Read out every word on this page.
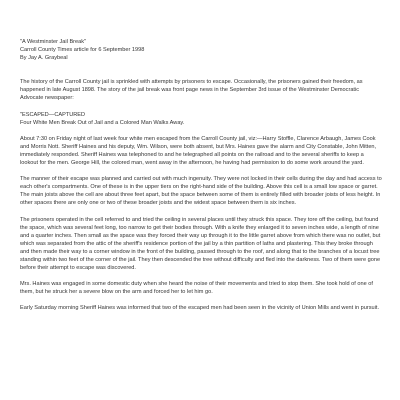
"A Westminster Jail Break"

Carroll County Times article for 6 September 1998

By Jay A. Graybeal

The history of the Carroll County jail is sprinkled with attempts by prisoners to escape. Occasionally, the prisoners gained their freedom, as happened in late August 1898. The story of the jail break was front page news in the September 3rd issue of the Westminster Democratic Advocate newspaper:

"ESCAPED—CAPTURED

Four White Men Break Out of Jail and a Colored Man Walks Away.

About 7:30 on Friday night of last week four white men escaped from the Carroll County jail, viz:—Harry Stoffle, Clarence Arbaugh, James Cook and Morris Nott. Sheriff Haines and his deputy, Wm. Wilson, were both absent, but Mrs. Haines gave the alarm and City Constable, John Mitten, immediately responded. Sheriff Haines was telephoned to and he telegraphed all points on the railroad and to the several sheriffs to keep a lookout for the men. George Hill, the colored man, went away in the afternoon, he having had permission to do some work around the yard.

The manner of their escape was planned and carried out with much ingenuity. They were not locked in their cells during the day and had access to each other's compartments. One of these is in the upper tiers on the right-hand side of the building. Above this cell is a small low space or garret. The main joists above the cell are about three feet apart, but the space between some of them is entirely filled with broader joists of less height. In other spaces there are only one or two of these broader joists and the widest space between them is six inches.

The prisoners operated in the cell referred to and tried the ceiling in several places until they struck this space. They tore off the ceiling, but found the space, which was several feet long, too narrow to get their bodies through. With a knife they enlarged it to seven inches wide, a length of nine and a quarter inches. Then small as the space was they forced their way up through it to the little garret above from which there was no outlet, but which was separated from the attic of the sheriff's residence portion of the jail by a thin partition of laths and plastering. This they broke through and then made their way to a corner window in the front of the building, passed through to the roof, and along that to the branches of a locust tree standing within two feet of the corner of the jail. They then descended the tree without difficulty and fled into the darkness. Two of them were gone before their attempt to escape was discovered.

Mrs. Haines was engaged in some domestic duty when she heard the noise of their movements and tried to stop them. She took hold of one of them, but he struck her a severe blow on the arm and forced her to let him go.

Early Saturday morning Sheriff Haines was informed that two of the escaped men had been seen in the vicinity of Union Mills and went in pursuit.
